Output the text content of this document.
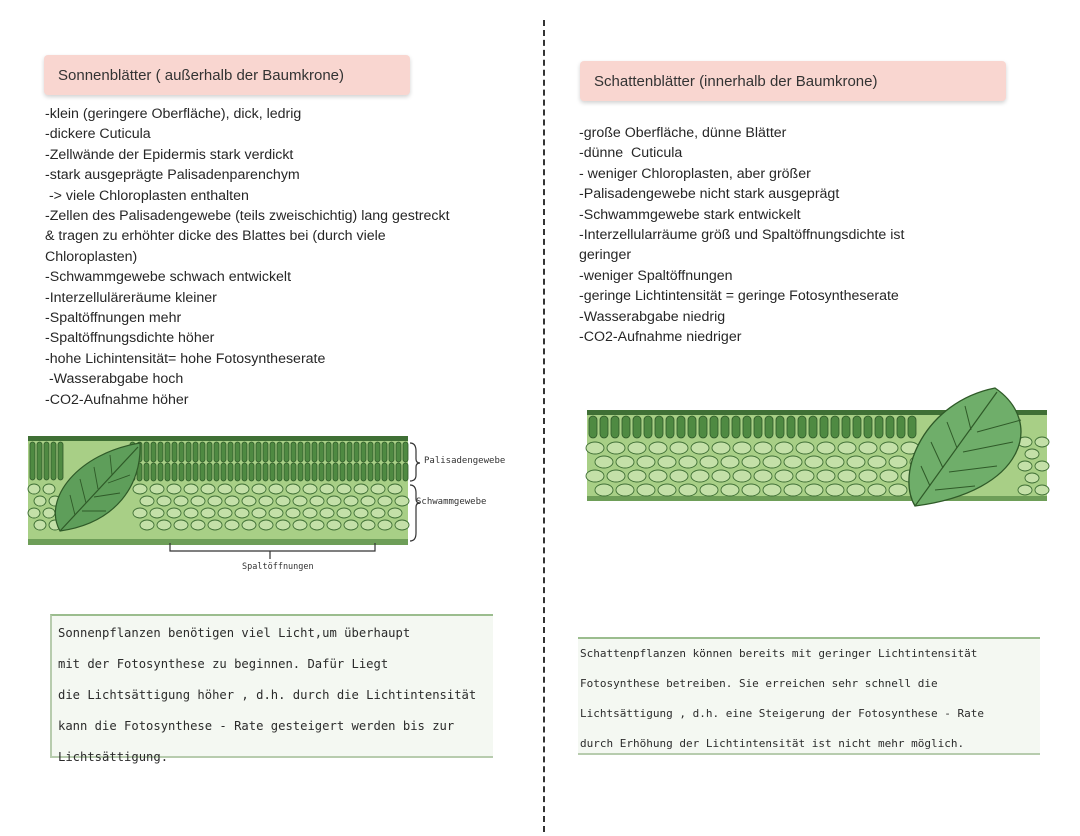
Sonnenblätter ( außerhalb der Baumkrone)
-klein (geringere Oberfläche), dick, ledrig
-dickere Cuticula
-Zellwände der Epidermis stark verdickt
-stark ausgeprägte Palisadenparenchym
-> viele Chloroplasten enthalten
-Zellen des Palisadengewebe (teils zweischichtig) lang gestreckt
& tragen zu erhöhter dicke des Blattes bei (durch viele
Chloroplasten)
-Schwammgewebe schwach entwickelt
-Interzelluläreräume kleiner
-Spaltöffnungen mehr
-Spaltöffnungsdichte höher
-hohe Lichintensität= hohe Fotosyntheserate
-Wasserabgabe hoch
-CO2-Aufnahme höher
Palisadengewebe
Schwammgewebe
Spaltöffnungen

Sonnenpflanzen benötigen viel Licht,um überhaupt

mit der Fotosynthese zu beginnen. Dafür Liegt

die Lichtsättigung höher , d.h. durch die Lichtintensität

kann die Fotosynthese - Rate gesteigert werden bis zur

Lichtsättigung.

Schattenblätter (innerhalb der Baumkrone)
-große Oberfläche, dünne Blätter
-dünne  Cuticula
- weniger Chloroplasten, aber größer
-Palisadengewebe nicht stark ausgeprägt
-Schwammgewebe stark entwickelt
-Interzellularräume größ und Spaltöffnungsdichte ist
geringer
-weniger Spaltöffnungen
-geringe Lichtintensität = geringe Fotosyntheserate
-Wasserabgabe niedrig
-CO2-Aufnahme niedriger

Schattenpflanzen können bereits mit geringer Lichtintensität

Fotosynthese betreiben. Sie erreichen sehr schnell die

Lichtsättigung , d.h. eine Steigerung der Fotosynthese - Rate

durch Erhöhung der Lichtintensität ist nicht mehr möglich.
